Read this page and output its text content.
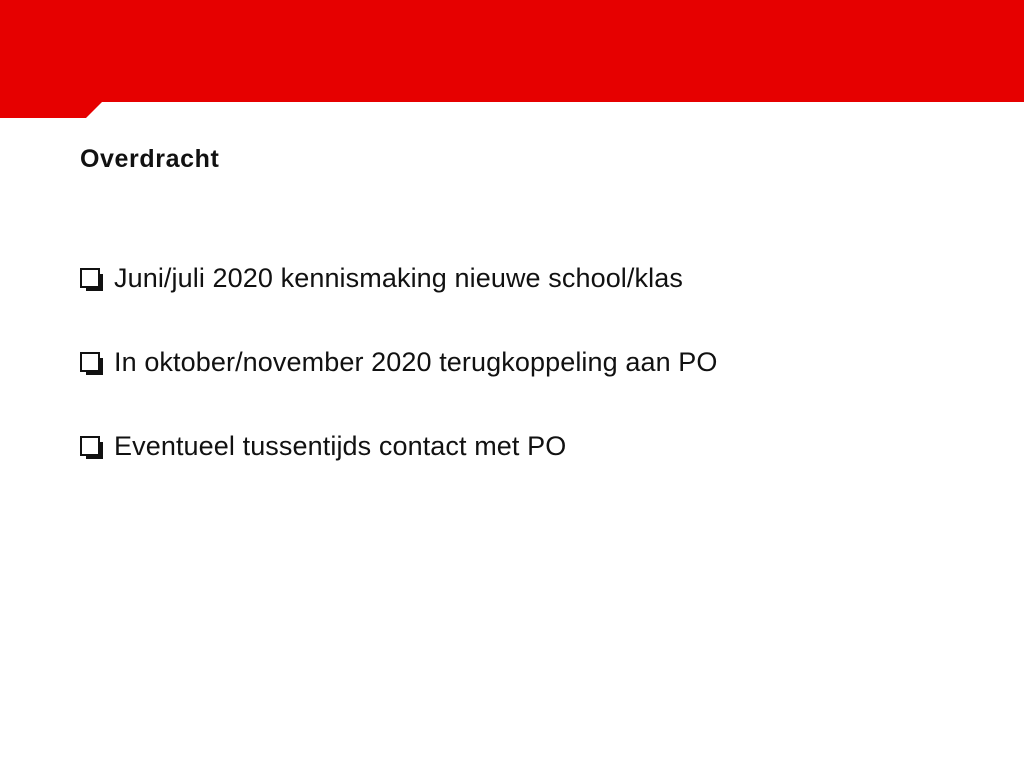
Overdracht
Juni/juli 2020 kennismaking nieuwe school/klas
In oktober/november 2020 terugkoppeling aan PO
Eventueel tussentijds contact met PO
